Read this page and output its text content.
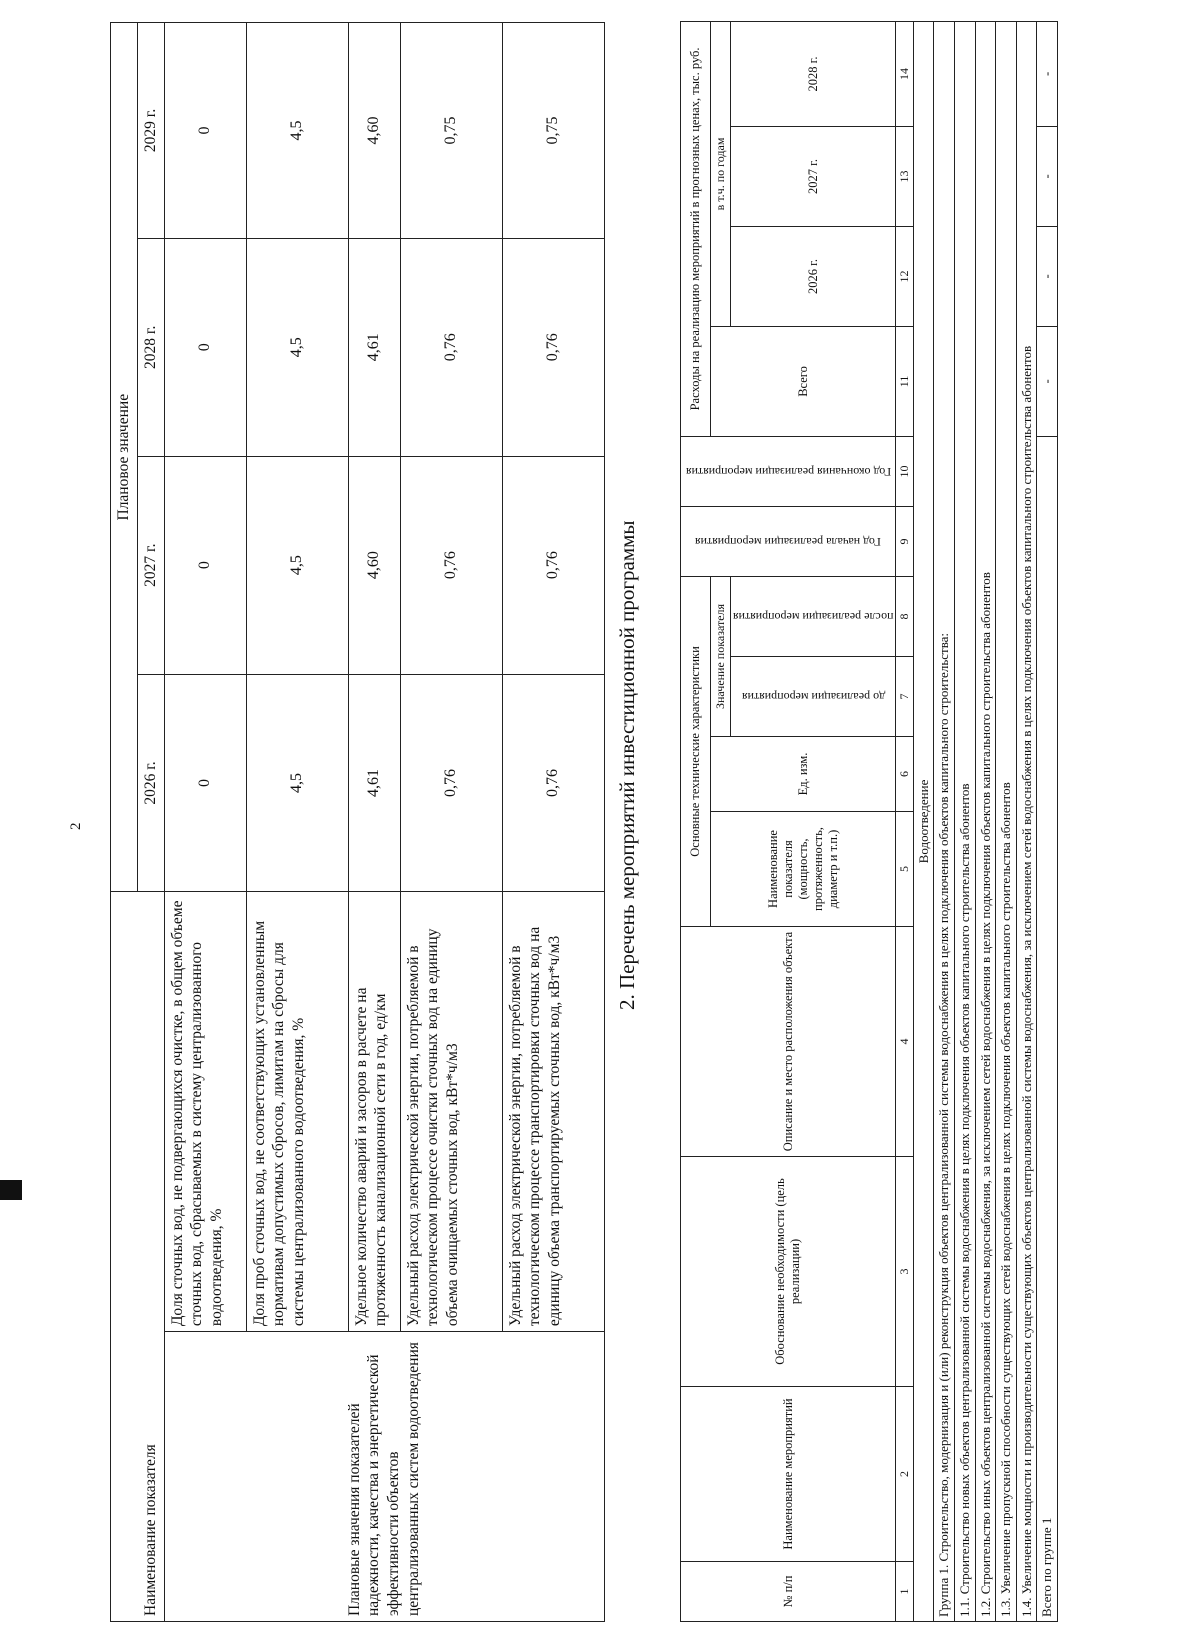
2
Наименование показателя		Плановое значение			
		2026 г.	2027 г.	2028 г.	2029 г.
Плановые значения показателей надежности, качества и энергетической эффективности объектов централизованных систем водоотведения	Доля сточных вод, не подвергающихся очистке, в общем объеме сточных вод, сбрасываемых в систему централизованного водоотведения, %	0	0	0	0
	Доля проб сточных вод, не соответствующих установленным нормативам допустимых сбросов, лимитам на сбросы для системы централизованного водоотведения, %	4,5	4,5	4,5	4,5
	Удельное количество аварий и засоров в расчете на протяженность канализационной сети в год, ед/км	4,61	4,60	4,61	4,60
	Удельный расход электрической энергии, потребляемой в технологическом процессе очистки сточных вод на единицу объема очищаемых сточных вод, кВт*ч/м3	0,76	0,76	0,76	0,75
	Удельный расход электрической энергии, потребляемой в технологическом процессе транспортировки сточных вод на единицу объема транспортируемых сточных вод, кВт*ч/м3	0,76	0,76	0,76	0,75
2. Перечень мероприятий инвестиционной программы
№ п/п	Наименование мероприятий	Обоснование необходимости (цель реализации)	Описание и место расположения объекта	Основные технические характеристики				Год начала реализации мероприятия	Год окончания реализации мероприятия	Расходы на реализацию мероприятий в прогнозных ценах, тыс. руб.			
				Наименование показателя (мощность, протяженность, диаметр и т.п.)	Ед. изм.	Значение показателя				Всего	в т.ч. по годам		

						до реализации мероприятия	после реализации мероприятия				2026 г.	2027 г.	2028 г.

1	2	3	4	5	6	7	8	9	10	11	12	13	14
Водоотведение													
Группа 1. Строительство, модернизация и (или) реконструкция объектов централизованной системы водоснабжения в целях подключения объектов капитального строительства:													
1.1. Строительство новых объектов централизованной системы водоснабжения в целях подключения объектов капитального строительства абонентов													
1.2. Строительство иных объектов централизованной системы водоснабжения, за исключением сетей водоснабжения в целях подключения объектов капитального строительства абонентов													
1.3. Увеличение пропускной способности существующих сетей водоснабжения в целях подключения объектов капитального строительства абонентов													
1.4. Увеличение мощности и производительности существующих объектов централизованной системы водоснабжения, за исключением сетей водоснабжения в целях подключения объектов капитального строительства абонентов													
Всего по группе 1										-	-	-	-
